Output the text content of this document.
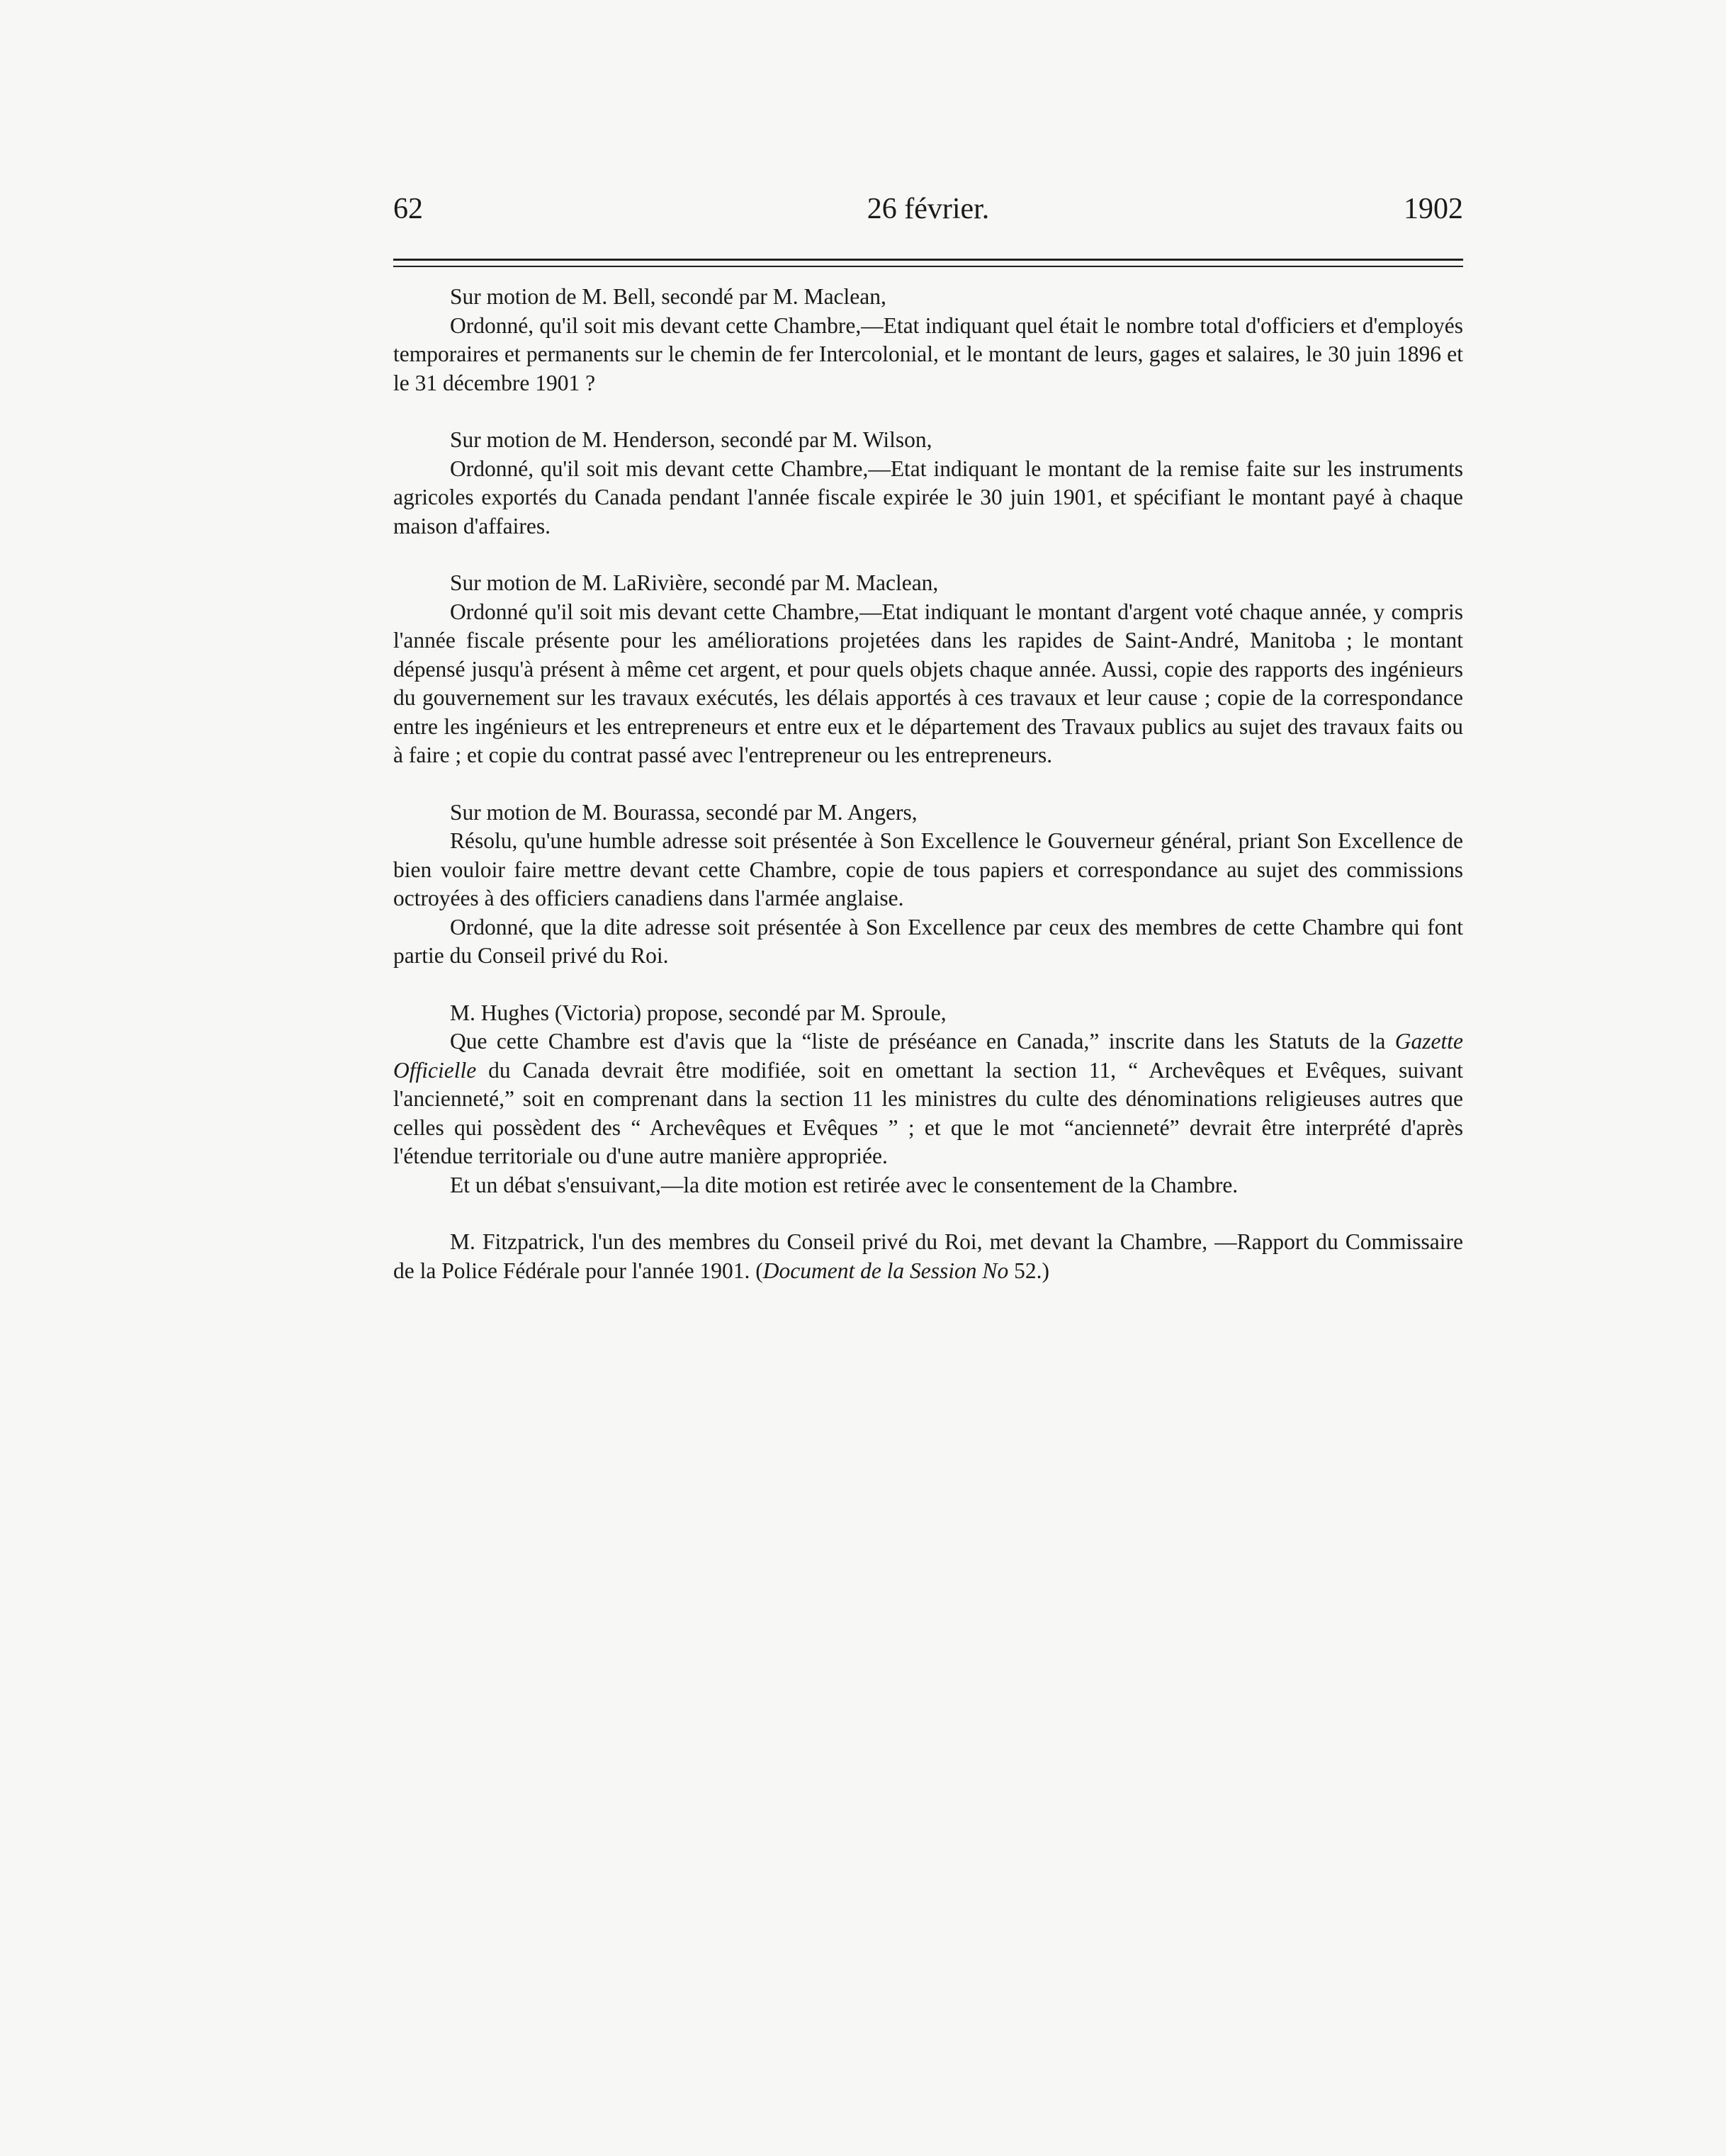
62	26 février.	1902

Sur motion de M. Bell, secondé par M. Maclean,

Ordonné, qu'il soit mis devant cette Chambre,—Etat indiquant quel était le nombre total d'officiers et d'employés temporaires et permanents sur le chemin de fer Intercolonial, et le montant de leurs, gages et salaires, le 30 juin 1896 et le 31 décembre 1901 ?

Sur motion de M. Henderson, secondé par M. Wilson,

Ordonné, qu'il soit mis devant cette Chambre,—Etat indiquant le montant de la remise faite sur les instruments agricoles exportés du Canada pendant l'année fiscale expirée le 30 juin 1901, et spécifiant le montant payé à chaque maison d'affaires.

Sur motion de M. LaRivière, secondé par M. Maclean,

Ordonné qu'il soit mis devant cette Chambre,—Etat indiquant le montant d'argent voté chaque année, y compris l'année fiscale présente pour les améliorations projetées dans les rapides de Saint-André, Manitoba ; le montant dépensé jusqu'à présent à même cet argent, et pour quels objets chaque année. Aussi, copie des rapports des ingénieurs du gouvernement sur les travaux exécutés, les délais apportés à ces travaux et leur cause ; copie de la correspondance entre les ingénieurs et les entrepreneurs et entre eux et le département des Travaux publics au sujet des travaux faits ou à faire ; et copie du contrat passé avec l'entrepreneur ou les entrepreneurs.

Sur motion de M. Bourassa, secondé par M. Angers,

Résolu, qu'une humble adresse soit présentée à Son Excellence le Gouverneur général, priant Son Excellence de bien vouloir faire mettre devant cette Chambre, copie de tous papiers et correspondance au sujet des commissions octroyées à des officiers canadiens dans l'armée anglaise.

Ordonné, que la dite adresse soit présentée à Son Excellence par ceux des membres de cette Chambre qui font partie du Conseil privé du Roi.

M. Hughes (Victoria) propose, secondé par M. Sproule,

Que cette Chambre est d'avis que la “liste de préséance en Canada,” inscrite dans les Statuts de la Gazette Officielle du Canada devrait être modifiée, soit en omettant la section 11, “ Archevêques et Evêques, suivant l'ancienneté,” soit en comprenant dans la section 11 les ministres du culte des dénominations religieuses autres que celles qui possèdent des “ Archevêques et Evêques ” ; et que le mot “ancienneté” devrait être interprété d'après l'étendue territoriale ou d'une autre manière appropriée.

Et un débat s'ensuivant,—la dite motion est retirée avec le consentement de la Chambre.

M. Fitzpatrick, l'un des membres du Conseil privé du Roi, met devant la Chambre, —Rapport du Commissaire de la Police Fédérale pour l'année 1901. (Document de la Session No 52.)
